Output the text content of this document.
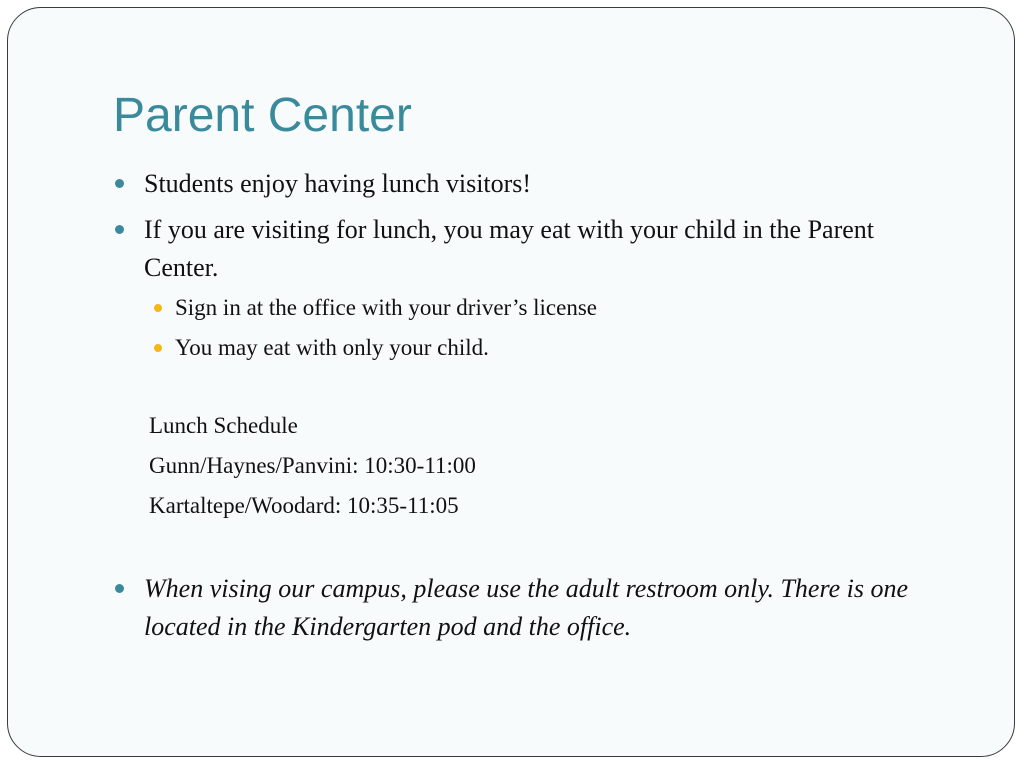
Parent Center
Students enjoy having lunch visitors!
If you are visiting for lunch, you may eat with your child in the Parent Center.
Sign in at the office with your driver’s license
You may eat with only your child.
Lunch Schedule
Gunn/Haynes/Panvini: 10:30-11:00
Kartaltepe/Woodard: 10:35-11:05
When vising our campus, please use the adult restroom only. There is one located in the Kindergarten pod and the office.
